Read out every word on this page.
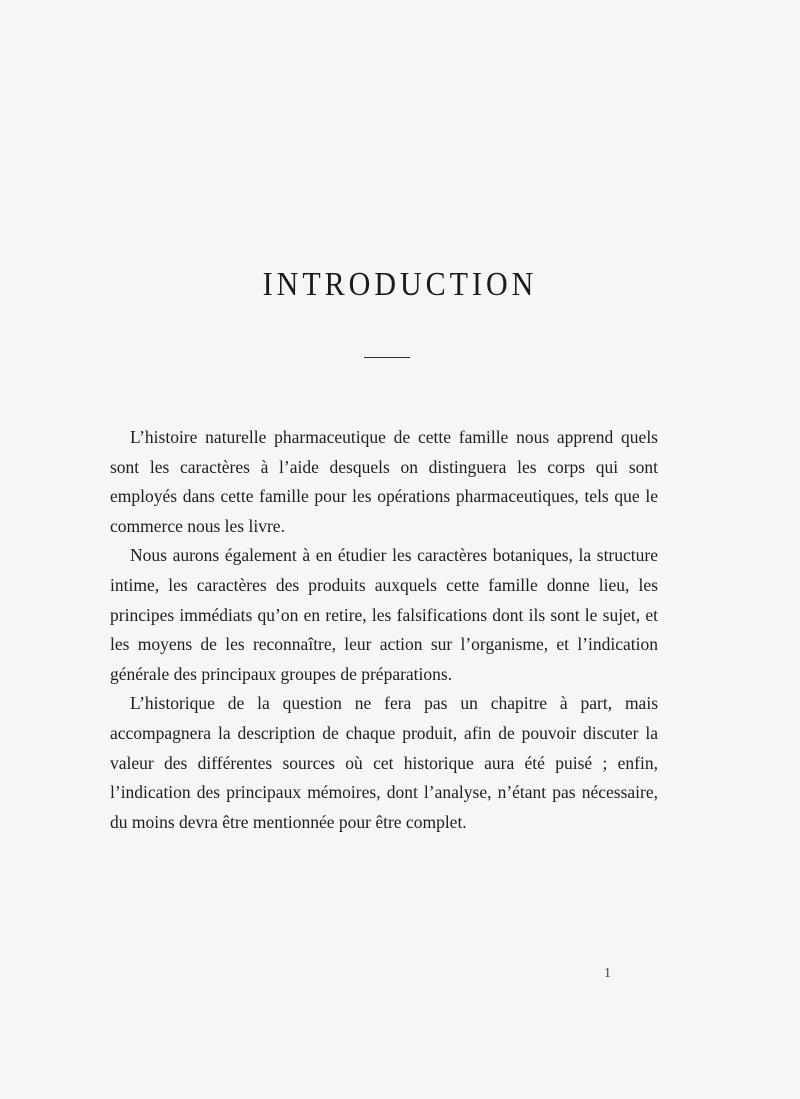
INTRODUCTION

L’histoire naturelle pharmaceutique de cette famille nous apprend quels sont les caractères à l’aide desquels on distinguera les corps qui sont employés dans cette famille pour les opérations pharmaceutiques, tels que le commerce nous les livre.

Nous aurons également à en étudier les caractères botaniques, la structure intime, les caractères des produits auxquels cette famille donne lieu, les principes immédiats qu’on en retire, les falsifications dont ils sont le sujet, et les moyens de les reconnaître, leur action sur l’organisme, et l’indication générale des principaux groupes de préparations.

L’historique de la question ne fera pas un chapitre à part, mais accompagnera la description de chaque produit, afin de pouvoir discuter la valeur des différentes sources où cet historique aura été puisé ; enfin, l’indication des principaux mémoires, dont l’analyse, n’étant pas nécessaire, du moins devra être mentionnée pour être complet.

1
